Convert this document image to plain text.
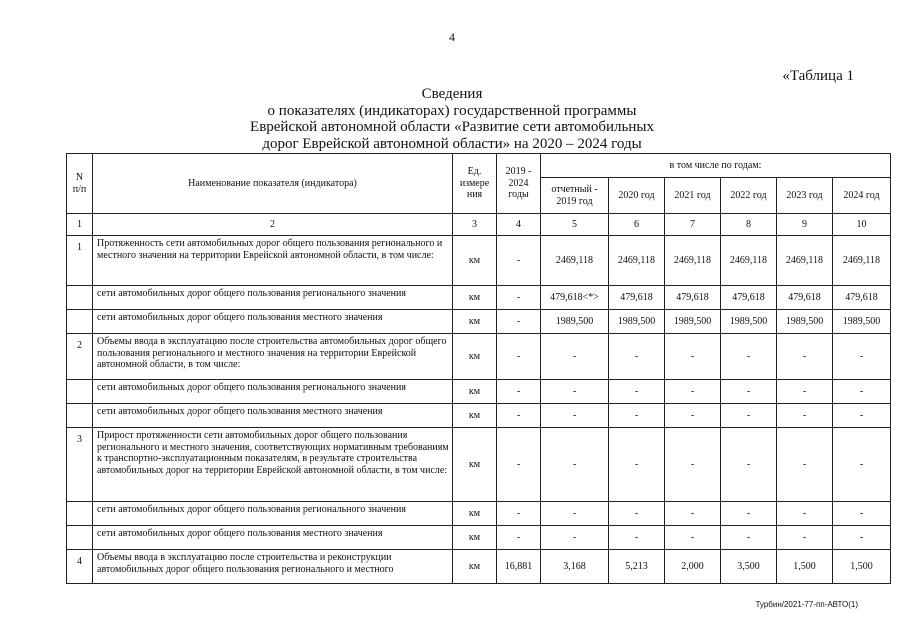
4
«Таблица 1
Сведения
о показателях (индикаторах) государственной программы
Еврейской автономной области «Развитие сети автомобильных
дорог Еврейской автономной области» на 2020 – 2024 годы
N
п/п	Наименование показателя (индикатора)	Ед.
измере
ния	2019 -
2024
годы	в том числе по годам:					
				отчетный -
2019 год	2020 год	2021 год	2022 год	2023 год	2024 год
1	2	3	4	5	6	7	8	9	10
1	Протяженность сети автомобильных дорог общего пользования регионального и местного значения на территории Еврейской автономной области, в том числе:	км	-	2469,118	2469,118	2469,118	2469,118	2469,118	2469,118
	сети автомобильных дорог общего пользования регионального значения	км	-	479,618<*>	479,618	479,618	479,618	479,618	479,618
	сети автомобильных дорог общего пользования местного значения	км	-	1989,500	1989,500	1989,500	1989,500	1989,500	1989,500
2	Объемы ввода в эксплуатацию после строительства автомобильных дорог общего пользования регионального и местного значения на территории Еврейской автономной области, в том числе:	км	-	-	-	-	-	-	-
	сети автомобильных дорог общего пользования регионального значения	км	-	-	-	-	-	-	-
	сети автомобильных дорог общего пользования местного значения	км	-	-	-	-	-	-	-
3	Прирост протяженности сети автомобильных дорог общего пользования регионального и местного значения, соответствующих нормативным требованиям к транспортно-эксплуатационным показателям, в результате строительства автомобильных дорог на территории Еврейской автономной области, в том числе:	км	-	-	-	-	-	-	-
	сети автомобильных дорог общего пользования регионального значения	км	-	-	-	-	-	-	-
	сети автомобильных дорог общего пользования местного значения	км	-	-	-	-	-	-	-
4	Объемы ввода в эксплуатацию после строительства и реконструкции автомобильных дорог общего пользования регионального и местного	км	16,881	3,168	5,213	2,000	3,500	1,500	1,500
Турбин/2021-77-пп-АВТО(1)
